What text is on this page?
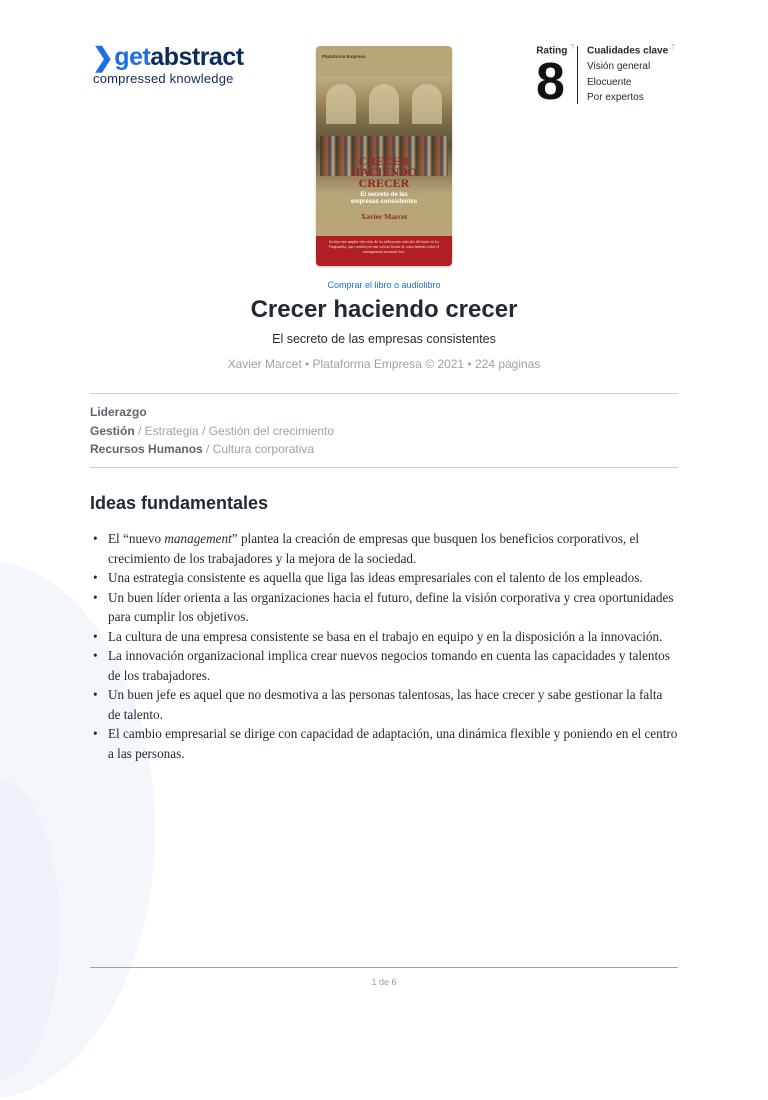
❯ get abstract
compressed knowledge
Plataforma Empresa
CRECER
HACIENDO
CRECER
El secreto de las
empresas consistentes
Xavier Marcet
Incluye una amplia selección de los influyentes artículos del autor en La Vanguardia, que constituyen una valiosa fuente de conocimiento sobre el management necesario hoy
Rating ?
8
Cualidades clave ?
Visión general
Elocuente
Por expertos
Comprar el libro o audiolibro
Crecer haciendo crecer
El secreto de las empresas consistentes
Xavier Marcet • Plataforma Empresa © 2021 • 224 páginas
Liderazgo
Gestión / Estrategia / Gestión del crecimiento
Recursos Humanos / Cultura corporativa
Ideas fundamentales
• El “nuevo management” plantea la creación de empresas que busquen los beneficios corporativos, el crecimiento de los trabajadores y la mejora de la sociedad.
• Una estrategia consistente es aquella que liga las ideas empresariales con el talento de los empleados.
• Un buen líder orienta a las organizaciones hacia el futuro, define la visión corporativa y crea oportunidades para cumplir los objetivos.
• La cultura de una empresa consistente se basa en el trabajo en equipo y en la disposición a la innovación.
• La innovación organizacional implica crear nuevos negocios tomando en cuenta las capacidades y talentos de los trabajadores.
• Un buen jefe es aquel que no desmotiva a las personas talentosas, las hace crecer y sabe gestionar la falta de talento.
• El cambio empresarial se dirige con capacidad de adaptación, una dinámica flexible y poniendo en el centro a las personas.
1 de 6
